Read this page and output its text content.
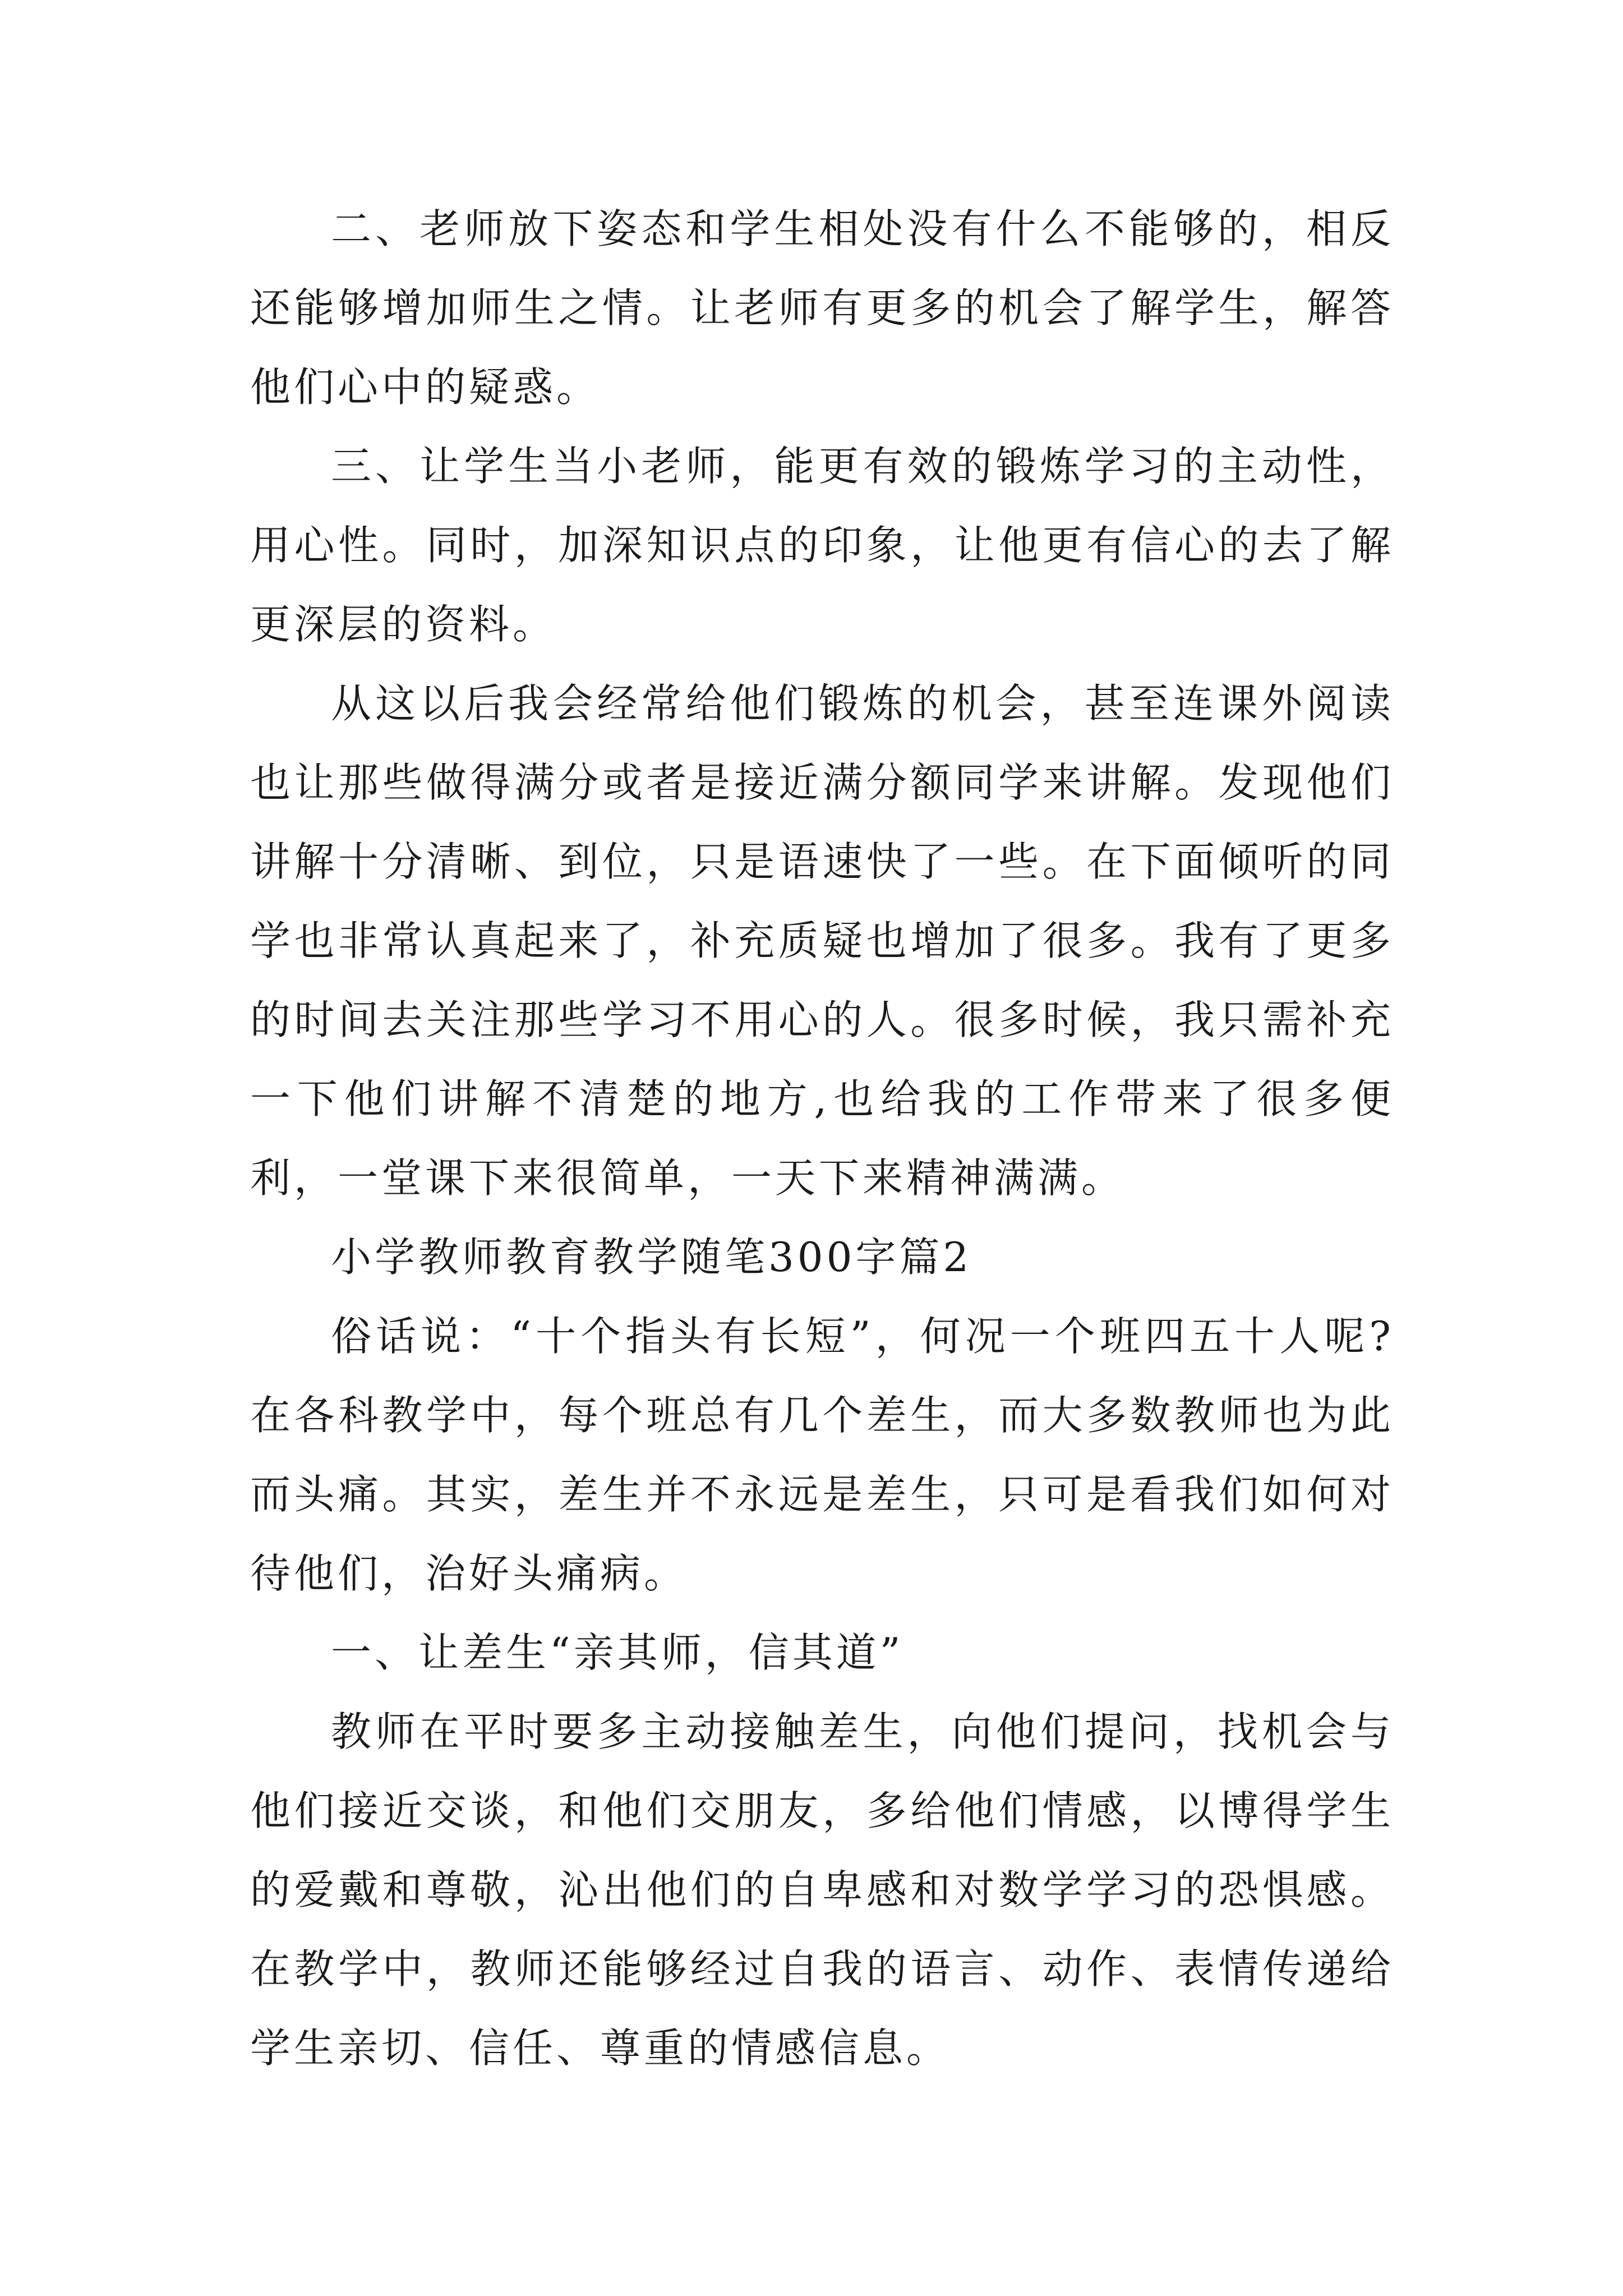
二、老师放下姿态和学生相处没有什么不能够的，相反还能够增加师生之情。让老师有更多的机会了解学生，解答他们心中的疑惑。

三、让学生当小老师，能更有效的锻炼学习的主动性，用心性。同时，加深知识点的印象，让他更有信心的去了解更深层的资料。

从这以后我会经常给他们锻炼的机会，甚至连课外阅读也让那些做得满分或者是接近满分额同学来讲解。发现他们讲解十分清晰、到位，只是语速快了一些。在下面倾听的同学也非常认真起来了，补充质疑也增加了很多。我有了更多的时间去关注那些学习不用心的人。很多时候，我只需补充一下他们讲解不清楚的地方,也给我的工作带来了很多便利，一堂课下来很简单，一天下来精神满满。

小学教师教育教学随笔300字篇2

俗话说：“十个指头有长短”，何况一个班四五十人呢?在各科教学中，每个班总有几个差生，而大多数教师也为此而头痛。其实，差生并不永远是差生，只可是看我们如何对待他们，治好头痛病。

一、让差生“亲其师，信其道”

教师在平时要多主动接触差生，向他们提问，找机会与他们接近交谈，和他们交朋友，多给他们情感，以博得学生的爱戴和尊敬，沁出他们的自卑感和对数学学习的恐惧感。在教学中，教师还能够经过自我的语言、动作、表情传递给学生亲切、信任、尊重的情感信息。
